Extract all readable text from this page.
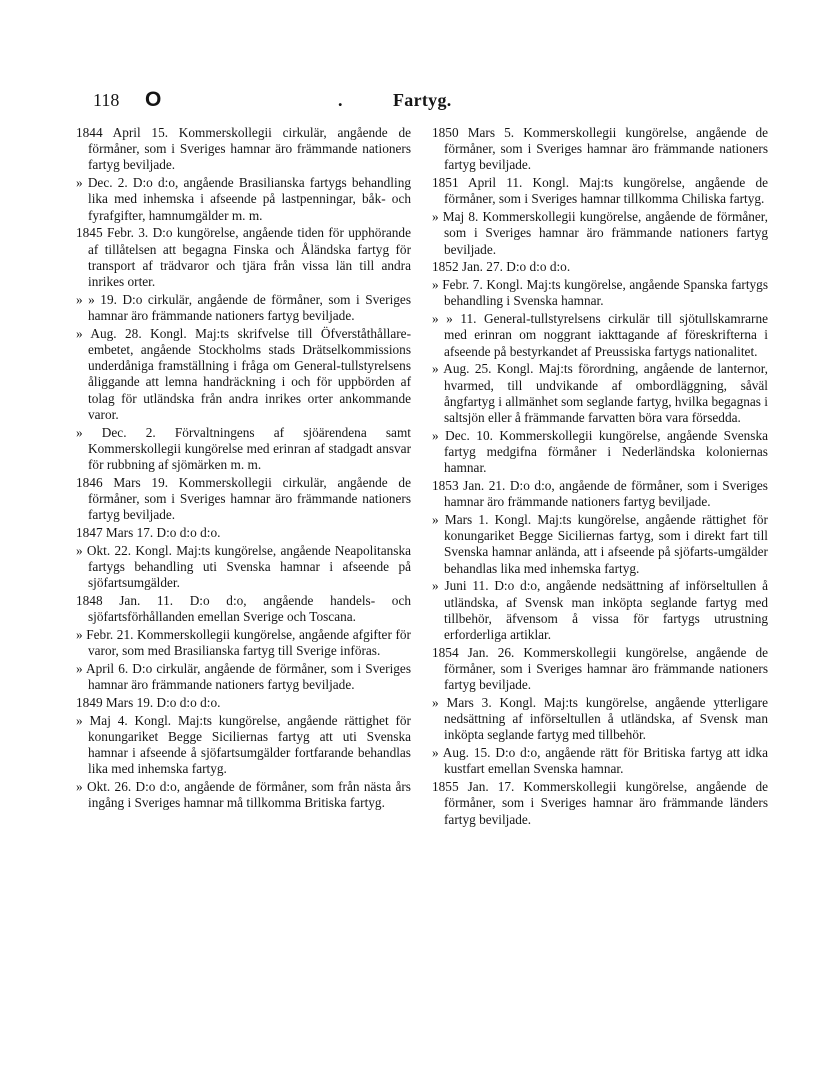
118 O	.	Fartyg.

1844 April 15. Kommerskollegii cirkulär, angående de förmåner, som i Sveriges hamnar äro främmande nationers fartyg beviljade.

» Dec. 2. D:o d:o, angående Brasilianska fartygs behandling lika med inhemska i afseende på lastpenningar, båk- och fyrafgifter, hamnumgälder m. m.

1845 Febr. 3. D:o kungörelse, angående tiden för upphörande af tillåtelsen att begagna Finska och Åländska fartyg för transport af trädvaror och tjära från vissa län till andra inrikes orter.

» » 19. D:o cirkulär, angående de förmåner, som i Sveriges hamnar äro främmande nationers fartyg beviljade.

» Aug. 28. Kongl. Maj:ts skrifvelse till Öfverståthållare-embetet, angående Stockholms stads Drätselkommissions underdåniga framställning i fråga om General-tullstyrelsens åliggande att lemna handräckning i och för uppbörden af tolag för utländska från andra inrikes orter ankommande varor.

» Dec. 2. Förvaltningens af sjöärendena samt Kommerskollegii kungörelse med erinran af stadgadt ansvar för rubbning af sjömärken m. m.

1846 Mars 19. Kommerskollegii cirkulär, angående de förmåner, som i Sveriges hamnar äro främmande nationers fartyg beviljade.

1847 Mars 17. D:o d:o d:o.

» Okt. 22. Kongl. Maj:ts kungörelse, angående Neapolitanska fartygs behandling uti Svenska hamnar i afseende på sjöfartsumgälder.

1848 Jan. 11. D:o d:o, angående handels- och sjöfartsförhållanden emellan Sverige och Toscana.

» Febr. 21. Kommerskollegii kungörelse, angående afgifter för varor, som med Brasilianska fartyg till Sverige införas.

» April 6. D:o cirkulär, angående de förmåner, som i Sveriges hamnar äro främmande nationers fartyg beviljade.

1849 Mars 19. D:o d:o d:o.

» Maj 4. Kongl. Maj:ts kungörelse, angående rättighet för konungariket Begge Siciliernas fartyg att uti Svenska hamnar i afseende å sjöfartsumgälder fortfarande behandlas lika med inhemska fartyg.

» Okt. 26. D:o d:o, angående de förmåner, som från nästa års ingång i Sveriges hamnar må tillkomma Britiska fartyg.

1850 Mars 5. Kommerskollegii kungörelse, angående de förmåner, som i Sveriges hamnar äro främmande nationers fartyg beviljade.

1851 April 11. Kongl. Maj:ts kungörelse, angående de förmåner, som i Sveriges hamnar tillkomma Chiliska fartyg.

» Maj 8. Kommerskollegii kungörelse, angående de förmåner, som i Sveriges hamnar äro främmande nationers fartyg beviljade.

1852 Jan. 27. D:o d:o d:o.

» Febr. 7. Kongl. Maj:ts kungörelse, angående Spanska fartygs behandling i Svenska hamnar.

» » 11. General-tullstyrelsens cirkulär till sjötullskamrarne med erinran om noggrant iakttagande af föreskrifterna i afseende på bestyrkandet af Preussiska fartygs nationalitet.

» Aug. 25. Kongl. Maj:ts förordning, angående de lanternor, hvarmed, till undvikande af ombordläggning, såväl ångfartyg i allmänhet som seglande fartyg, hvilka begagnas i saltsjön eller å främmande farvatten böra vara försedda.

» Dec. 10. Kommerskollegii kungörelse, angående Svenska fartyg medgifna förmåner i Nederländska koloniernas hamnar.

1853 Jan. 21. D:o d:o, angående de förmåner, som i Sveriges hamnar äro främmande nationers fartyg beviljade.

» Mars 1. Kongl. Maj:ts kungörelse, angående rättighet för konungariket Begge Siciliernas fartyg, som i direkt fart till Svenska hamnar anlända, att i afseende på sjöfarts-umgälder behandlas lika med inhemska fartyg.

» Juni 11. D:o d:o, angående nedsättning af införseltullen å utländska, af Svensk man inköpta seglande fartyg med tillbehör, äfvensom å vissa för fartygs utrustning erforderliga artiklar.

1854 Jan. 26. Kommerskollegii kungörelse, angående de förmåner, som i Sveriges hamnar äro främmande nationers fartyg beviljade.

» Mars 3. Kongl. Maj:ts kungörelse, angående ytterligare nedsättning af införseltullen å utländska, af Svensk man inköpta seglande fartyg med tillbehör.

» Aug. 15. D:o d:o, angående rätt för Britiska fartyg att idka kustfart emellan Svenska hamnar.

1855 Jan. 17. Kommerskollegii kungörelse, angående de förmåner, som i Sveriges hamnar äro främmande länders fartyg beviljade.
